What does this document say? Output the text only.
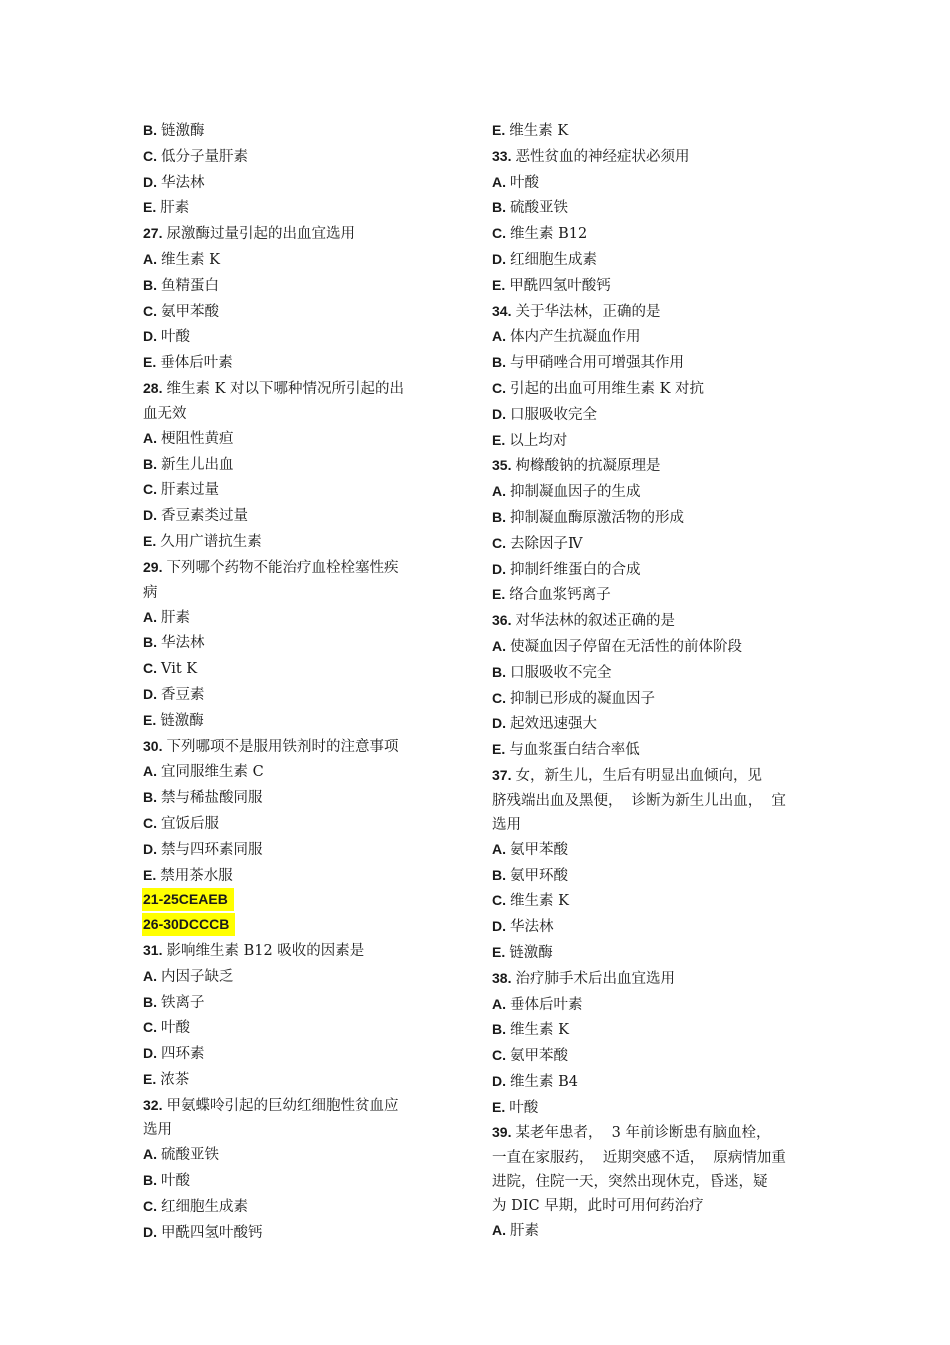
B. 链激酶
C. 低分子量肝素
D. 华法林
E. 肝素
27. 尿激酶过量引起的出血宜选用
A. 维生素 K
B. 鱼精蛋白
C. 氨甲苯酸
D. 叶酸
E. 垂体后叶素
28. 维生素 K 对以下哪种情况所引起的出
血无效
A. 梗阻性黄疸
B. 新生儿出血
C. 肝素过量
D. 香豆素类过量
E. 久用广谱抗生素
29. 下列哪个药物不能治疗血栓栓塞性疾
病
A. 肝素
B. 华法林
C. Vit K
D. 香豆素
E. 链激酶
30. 下列哪项不是服用铁剂时的注意事项
A. 宜同服维生素 C
B. 禁与稀盐酸同服
C. 宜饭后服
D. 禁与四环素同服
E. 禁用茶水服
21-25CEAEB
26-30DCCCB
31. 影响维生素 B12 吸收的因素是
A. 内因子缺乏
B. 铁离子
C. 叶酸
D. 四环素
E. 浓茶
32. 甲氨蝶呤引起的巨幼红细胞性贫血应
选用
A. 硫酸亚铁
B. 叶酸
C. 红细胞生成素
D. 甲酰四氢叶酸钙
E. 维生素 K
33. 恶性贫血的神经症状必须用
A. 叶酸
B. 硫酸亚铁
C. 维生素 B12
D. 红细胞生成素
E. 甲酰四氢叶酸钙
34. 关于华法林，正确的是
A. 体内产生抗凝血作用
B. 与甲硝唑合用可增强其作用
C. 引起的出血可用维生素 K 对抗
D. 口服吸收完全
E. 以上均对
35. 枸橼酸钠的抗凝原理是
A. 抑制凝血因子的生成
B. 抑制凝血酶原激活物的形成
C. 去除因子Ⅳ
D. 抑制纤维蛋白的合成
E. 络合血浆钙离子
36. 对华法林的叙述正确的是
A. 使凝血因子停留在无活性的前体阶段
B. 口服吸收不完全
C. 抑制已形成的凝血因子
D. 起效迅速强大
E. 与血浆蛋白结合率低
37. 女，新生儿，生后有明显出血倾向，见
脐残端出血及黑便，  诊断为新生儿出血，  宜
选用
A. 氨甲苯酸
B. 氨甲环酸
C. 维生素 K
D. 华法林
E. 链激酶
38. 治疗肺手术后出血宜选用
A. 垂体后叶素
B. 维生素 K
C. 氨甲苯酸
D. 维生素 B4
E. 叶酸
39. 某老年患者，  3 年前诊断患有脑血栓，
一直在家服药，  近期突感不适，  原病情加重
进院，住院一天，突然出现休克，昏迷，疑
为 DIC 早期，此时可用何药治疗
A. 肝素
